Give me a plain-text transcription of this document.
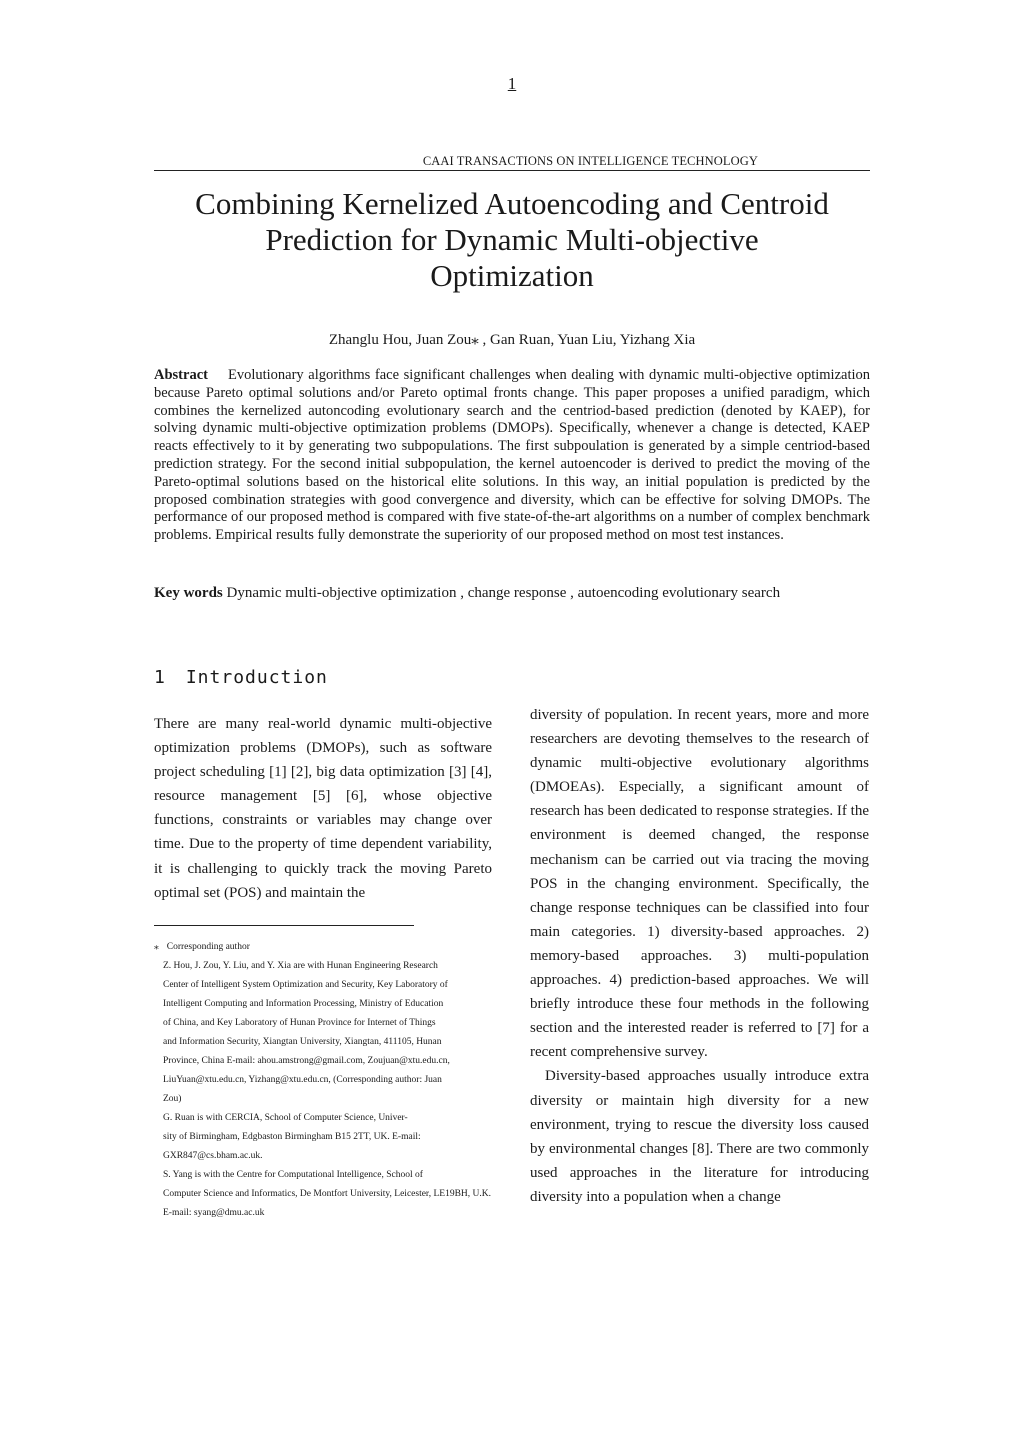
1
CAAI TRANSACTIONS ON INTELLIGENCE TECHNOLOGY
Combining Kernelized Autoencoding and Centroid
Prediction for Dynamic Multi-objective
Optimization
Zhanglu Hou, Juan Zou⁎ , Gan Ruan, Yuan Liu, Yizhang Xia
Abstract Evolutionary algorithms face significant challenges when dealing with dynamic multi-objective optimization because Pareto optimal solutions and/or Pareto optimal fronts change. This paper proposes a unified paradigm, which combines the kernelized autoncoding evolutionary search and the centriod-based prediction (denoted by KAEP), for solving dynamic multi-objective optimization problems (DMOPs). Specifically, whenever a change is detected, KAEP reacts effectively to it by generating two subpopulations. The first subpoulation is generated by a simple centriod-based prediction strategy. For the second initial subpopulation, the kernel autoencoder is derived to predict the moving of the Pareto-optimal solutions based on the historical elite solutions. In this way, an initial population is predicted by the proposed combination strategies with good convergence and diversity, which can be effective for solving DMOPs. The performance of our proposed method is compared with five state-of-the-art algorithms on a number of complex benchmark problems. Empirical results fully demonstrate the superiority of our proposed method on most test instances.
Key words Dynamic multi-objective optimization , change response , autoencoding evolutionary search
1 Introduction

There are many real-world dynamic multi-objective optimization problems (DMOPs), such as software project scheduling [1] [2], big data optimization [3] [4], resource management [5] [6], whose objective functions, constraints or variables may change over time. Due to the property of time dependent variability, it is challenging to quickly track the moving Pareto optimal set (POS) and maintain the

diversity of population. In recent years, more and more researchers are devoting themselves to the research of dynamic multi-objective evolutionary algorithms (DMOEAs). Especially, a significant amount of research has been dedicated to response strategies. If the environment is deemed changed, the response mechanism can be carried out via tracing the moving POS in the changing environment. Specifically, the change response techniques can be classified into four main categories. 1) diversity-based approaches. 2) memory-based approaches. 3) multi-population approaches. 4) prediction-based approaches. We will briefly introduce these four methods in the following section and the interested reader is referred to [7] for a recent comprehensive survey.

Diversity-based approaches usually introduce extra diversity or maintain high diversity for a new environment, trying to rescue the diversity loss caused by environmental changes [8]. There are two commonly used approaches in the literature for introducing diversity into a population when a change

⁎ Corresponding author
Z. Hou, J. Zou, Y. Liu, and Y. Xia are with Hunan Engineering Research
Center of Intelligent System Optimization and Security, Key Laboratory of
Intelligent Computing and Information Processing, Ministry of Education
of China, and Key Laboratory of Hunan Province for Internet of Things
and Information Security, Xiangtan University, Xiangtan, 411105, Hunan
Province, China E-mail: ahou.amstrong@gmail.com, Zoujuan@xtu.edu.cn,
LiuYuan@xtu.edu.cn, Yizhang@xtu.edu.cn, (Corresponding author: Juan
Zou)
G. Ruan is with CERCIA, School of Computer Science, Univer-
sity of Birmingham, Edgbaston Birmingham B15 2TT, UK. E-mail:
GXR847@cs.bham.ac.uk.
S. Yang is with the Centre for Computational Intelligence, School of
Computer Science and Informatics, De Montfort University, Leicester, LE19BH, U.K.
E-mail: syang@dmu.ac.uk
